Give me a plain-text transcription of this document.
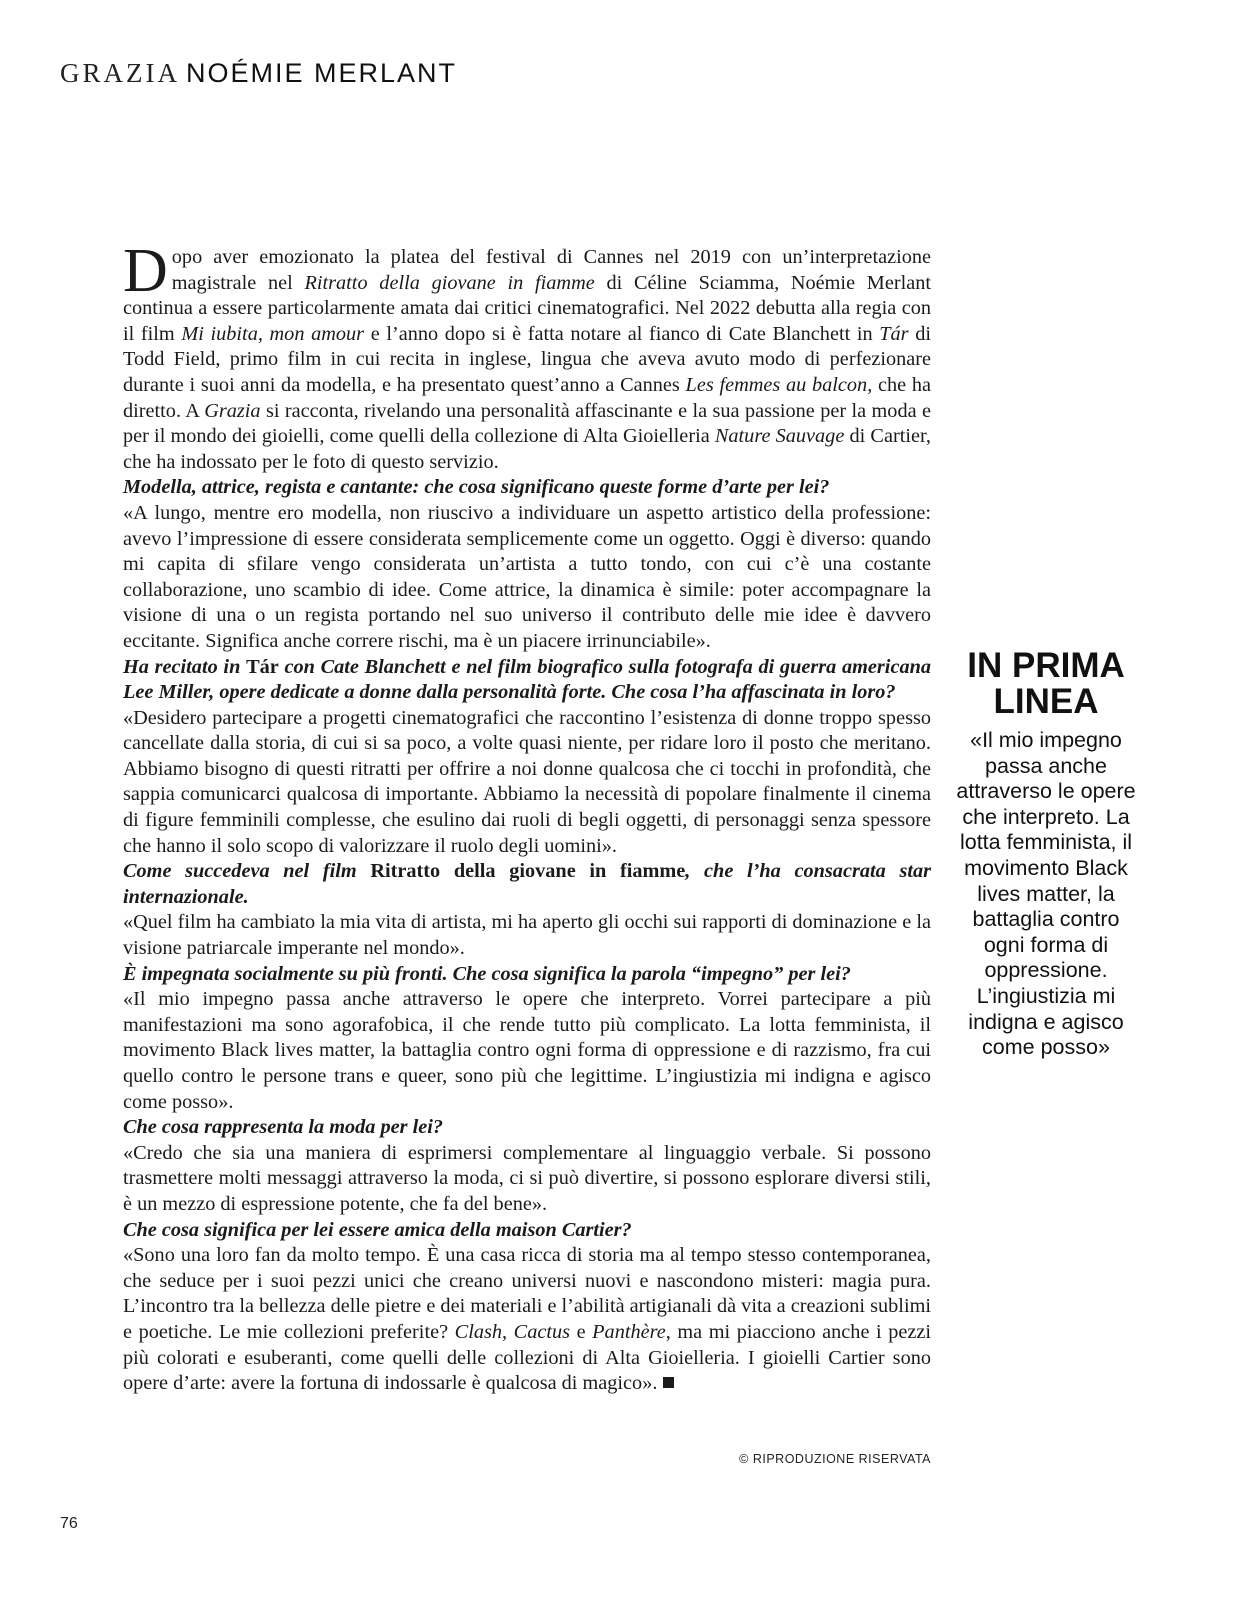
GRAZIA NOÉMIE MERLANT

Dopo aver emozionato la platea del festival di Cannes nel 2019 con un’interpretazione magistrale nel Ritratto della giovane in fiamme di Céline Sciamma, Noémie Merlant continua a essere particolarmente amata dai critici cinematografici. Nel 2022 debutta alla regia con il film Mi iubita, mon amour e l’anno dopo si è fatta notare al fianco di Cate Blanchett in Tár di Todd Field, primo film in cui recita in inglese, lingua che aveva avuto modo di perfezionare durante i suoi anni da modella, e ha presentato quest’anno a Cannes Les femmes au balcon, che ha diretto. A Grazia si racconta, rivelando una personalità affascinante e la sua passione per la moda e per il mondo dei gioielli, come quelli della collezione di Alta Gioielleria Nature Sauvage di Cartier, che ha indossato per le foto di questo servizio.

Modella, attrice, regista e cantante: che cosa significano queste forme d’arte per lei?

«A lungo, mentre ero modella, non riuscivo a individuare un aspetto artistico della professione: avevo l’impressione di essere considerata semplicemente come un oggetto. Oggi è diverso: quando mi capita di sfilare vengo considerata un’artista a tutto tondo, con cui c’è una costante collaborazione, uno scambio di idee. Come attrice, la dinamica è simile: poter accompagnare la visione di una o un regista portando nel suo universo il contributo delle mie idee è davvero eccitante. Significa anche correre rischi, ma è un piacere irrinunciabile».

Ha recitato in Tár con Cate Blanchett e nel film biografico sulla fotografa di guerra americana Lee Miller, opere dedicate a donne dalla personalità forte. Che cosa l’ha affascinata in loro?

«Desidero partecipare a progetti cinematografici che raccontino l’esistenza di donne troppo spesso cancellate dalla storia, di cui si sa poco, a volte quasi niente, per ridare loro il posto che meritano. Abbiamo bisogno di questi ritratti per offrire a noi donne qualcosa che ci tocchi in profondità, che sappia comunicarci qualcosa di importante. Abbiamo la necessità di popolare finalmente il cinema di figure femminili complesse, che esulino dai ruoli di begli oggetti, di personaggi senza spessore che hanno il solo scopo di valorizzare il ruolo degli uomini».

Come succedeva nel film Ritratto della giovane in fiamme, che l’ha consacrata star internazionale.

«Quel film ha cambiato la mia vita di artista, mi ha aperto gli occhi sui rapporti di dominazione e la visione patriarcale imperante nel mondo».

È impegnata socialmente su più fronti. Che cosa significa la parola “impegno” per lei?

«Il mio impegno passa anche attraverso le opere che interpreto. Vorrei partecipare a più manifestazioni ma sono agorafobica, il che rende tutto più complicato. La lotta femminista, il movimento Black lives matter, la battaglia contro ogni forma di oppressione e di razzismo, fra cui quello contro le persone trans e queer, sono più che legittime. L’ingiustizia mi indigna e agisco come posso».

Che cosa rappresenta la moda per lei?

«Credo che sia una maniera di esprimersi complementare al linguaggio verbale. Si possono trasmettere molti messaggi attraverso la moda, ci si può divertire, si possono esplorare diversi stili, è un mezzo di espressione potente, che fa del bene».

Che cosa significa per lei essere amica della maison Cartier?

«Sono una loro fan da molto tempo. È una casa ricca di storia ma al tempo stesso contemporanea, che seduce per i suoi pezzi unici che creano universi nuovi e nascondono misteri: magia pura. L’incontro tra la bellezza delle pietre e dei materiali e l’abilità artigianali dà vita a creazioni sublimi e poetiche. Le mie collezioni preferite? Clash, Cactus e Panthère, ma mi piacciono anche i pezzi più colorati e esuberanti, come quelli delle collezioni di Alta Gioielleria. I gioielli Cartier sono opere d’arte: avere la fortuna di indossarle è qualcosa di magico».

© RIPRODUZIONE RISERVATA
IN PRIMA
LINEA
«Il mio impegno passa anche attraverso le opere che interpreto. La lotta femminista, il movimento Black lives matter, la battaglia contro ogni forma di oppressione. L’ingiustizia mi indigna e agisco come posso»
76
